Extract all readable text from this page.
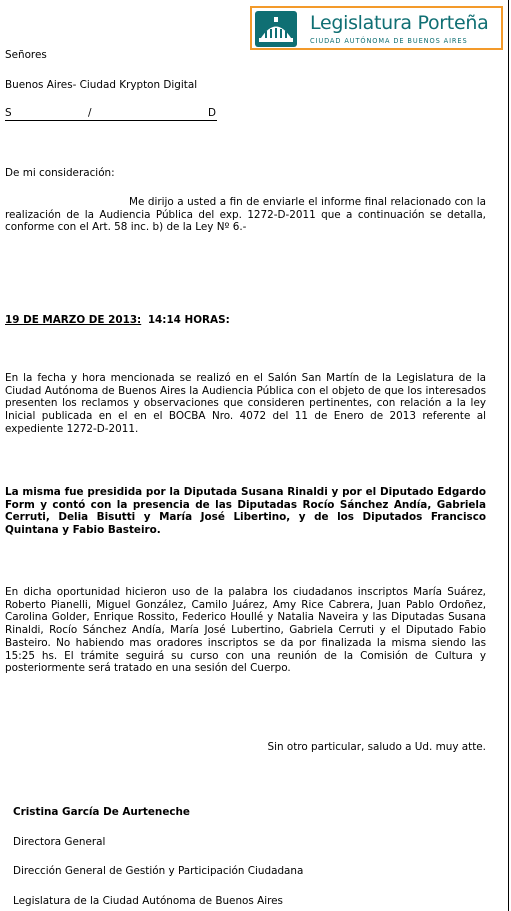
Legislatura Porteña
CIUDAD AUTÓNOMA DE BUENOS AIRES
Señores
Buenos Aires- Ciudad Krypton Digital
S	/	D
De mi consideración:
Me dirijo a usted a fin de enviarle el informe final relacionado con la realización de la Audiencia Pública del exp. 1272-D-2011 que a continuación se detalla, conforme con el Art. 58 inc. b) de la Ley Nº 6.-
19 DE MARZO DE 2013: 14:14 HORAS:
En la fecha y hora mencionada se realizó en el Salón San Martín de la Legislatura de la Ciudad Autónoma de Buenos Aires la Audiencia Pública con el objeto de que los interesados presenten los reclamos y observaciones que consideren pertinentes, con relación a la ley Inicial publicada en el en el BOCBA Nro. 4072 del 11 de Enero de 2013 referente al expediente 1272-D-2011.
La misma fue presidida por la Diputada Susana Rinaldi y por el Diputado Edgardo Form y contó con la presencia de las Diputadas Rocío Sánchez Andía, Gabriela Cerruti, Delia Bisutti y María José Libertino, y de los Diputados Francisco Quintana y Fabio Basteiro.
En dicha oportunidad hicieron uso de la palabra los ciudadanos inscriptos María Suárez, Roberto Pianelli, Miguel González, Camilo Juárez, Amy Rice Cabrera, Juan Pablo Ordoñez, Carolina Golder, Enrique Rossito, Federico Houllé y Natalia Naveira y las Diputadas Susana Rinaldi, Rocío Sánchez Andía, María José Lubertino, Gabriela Cerruti y el Diputado Fabio Basteiro. No habiendo mas oradores inscriptos se da por finalizada la misma siendo las 15:25 hs. El trámite seguirá su curso con una reunión de la Comisión de Cultura y posteriormente será tratado en una sesión del Cuerpo.
Sin otro particular, saludo a Ud. muy atte.
Cristina García De Aurteneche
Directora General
Dirección General de Gestión y Participación Ciudadana
Legislatura de la Ciudad Autónoma de Buenos Aires
